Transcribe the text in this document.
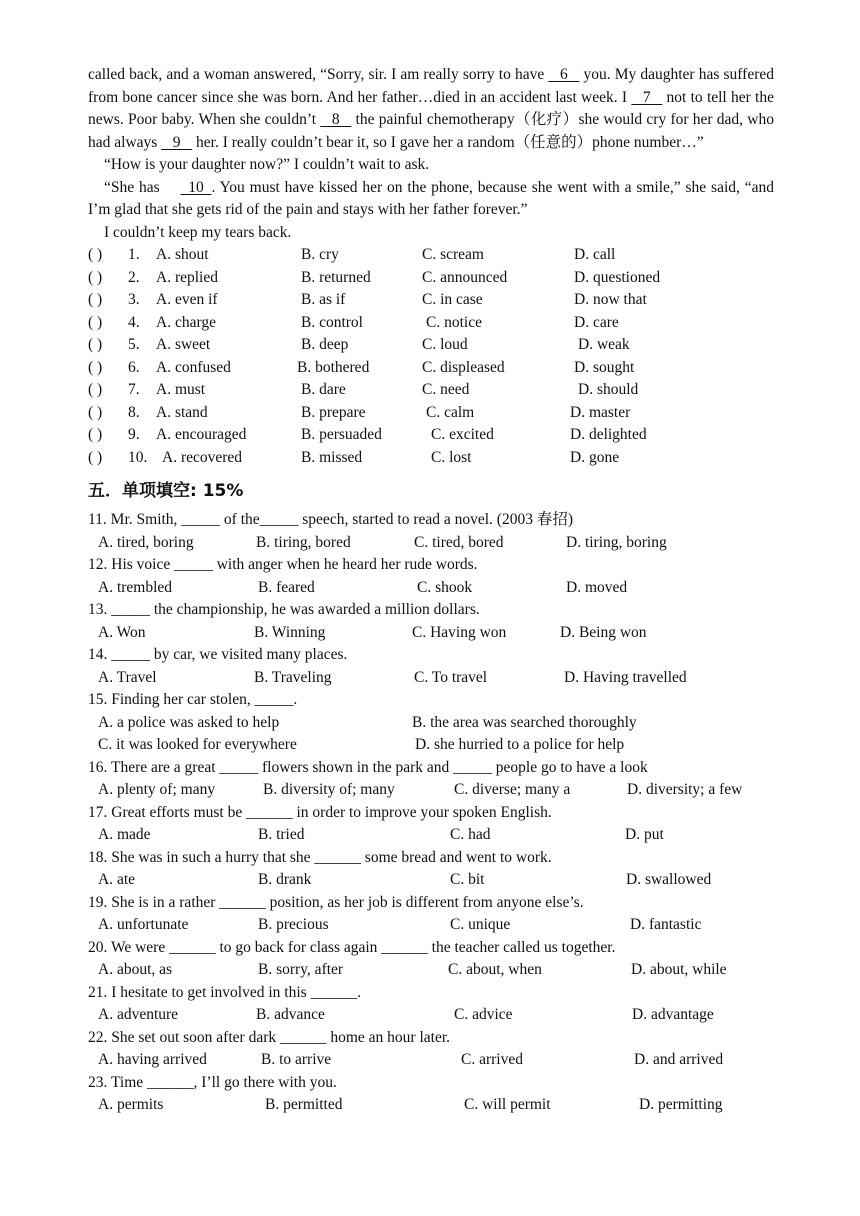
called back, and a woman answered, “Sorry, sir. I am really sorry to have    6    you. My daughter has suffered from bone cancer since she was born. And her father…died in an accident last week. I    7    not to tell her the news. Poor baby. When she couldn’t    8    the painful chemotherapy（化疗）she would cry for her dad, who had always    9    her. I really couldn’t bear it, so I gave her a random（任意的）phone number…”

“How is your daughter now?” I couldn’t wait to ask.

“She has   10  . You must have kissed her on the phone, because she went with a smile,” she said, “and I’m glad that she gets rid of the pain and stays with her father forever.”

I couldn’t keep my tears back.

( ) 1. A. shout	B. cry	C. scream	D. call
( ) 2. A. replied	B. returned	C. announced	D. questioned
( ) 3. A. even if	B. as if	C. in case	D. now that
( ) 4. A. charge	B. control	C. notice	D. care
( ) 5. A. sweet	B. deep	C. loud	D. weak
( ) 6. A. confused	B. bothered	C. displeased	D. sought
( ) 7. A. must	B. dare	C. need	D. should
( ) 8. A. stand	B. prepare	C. calm	D. master
( ) 9. A. encouraged	B. persuaded	C. excited	D. delighted
( ) 10. A. recovered	B. missed	C. lost	D. gone
五．单项填空: 15%
11. Mr. Smith, _____ of the_____ speech, started to read a novel. (2003 春招)
A. tired, boring	B. tiring, bored	C. tired, bored	D. tiring, boring
12. His voice _____ with anger when he heard her rude words.
A. trembled	B. feared	C. shook	D. moved
13. _____ the championship, he was awarded a million dollars.
A. Won	B. Winning	C. Having won	D. Being won
14. _____ by car, we visited many places.
A. Travel	B. Traveling	C. To travel	D. Having travelled
15. Finding her car stolen, _____.
A. a police was asked to help	B. the area was searched thoroughly
C. it was looked for everywhere	D. she hurried to a police for help
16. There are a great _____ flowers shown in the park and _____ people go to have a look
A. plenty of; many	B. diversity of; many	C. diverse; many a	D. diversity; a few
17. Great efforts must be ______ in order to improve your spoken English.
A. made	B. tried	C. had	D. put
18. She was in such a hurry that she ______ some bread and went to work.
A. ate	B. drank	C. bit	D. swallowed
19. She is in a rather ______ position, as her job is different from anyone else’s.
A. unfortunate	B. precious	C. unique	D. fantastic
20. We were ______ to go back for class again ______ the teacher called us together.
A. about, as	B. sorry, after	C. about, when	D. about, while
21. I hesitate to get involved in this ______.
A. adventure	B. advance	C. advice	D. advantage
22. She set out soon after dark ______ home an hour later.
A. having arrived	B. to arrive	C. arrived	D. and arrived
23. Time ______, I’ll go there with you.
A. permits	B. permitted	C. will permit	D. permitting
